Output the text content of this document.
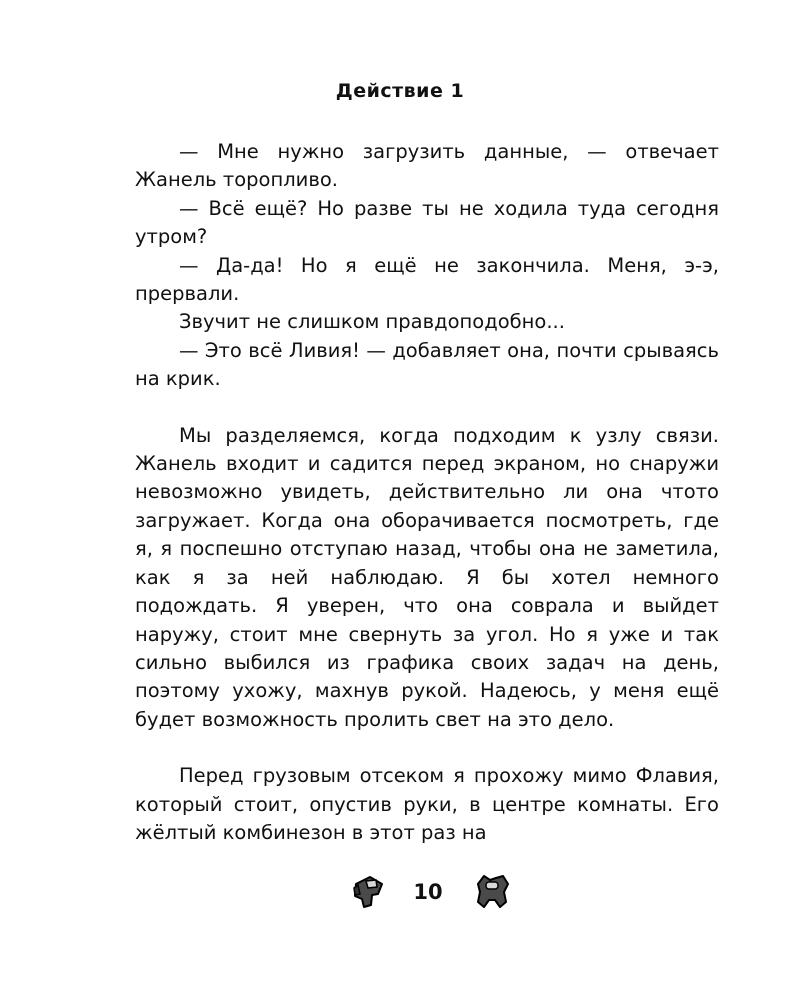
Действие 1

— Мне нужно загрузить данные, — отвечает Жанель торопливо.

— Всё ещё? Но разве ты не ходила туда сегодня утром?

— Да-да! Но я ещё не закончила. Меня, э-э, прервали.

Звучит не слишком правдоподобно...

— Это всё Ливия! — добавляет она, почти срываясь на крик.

Мы разделяемся, когда подходим к узлу связи. Жанель входит и садится перед экраном, но снаружи невозможно увидеть, действительно ли она чтото загружает. Когда она оборачивается посмотреть, где я, я поспешно отступаю назад, чтобы она не заметила, как я за ней наблюдаю. Я бы хотел немного подождать. Я уверен, что она соврала и выйдет наружу, стоит мне свернуть за угол. Но я уже и так сильно выбился из графика своих задач на день, поэтому ухожу, махнув рукой. Надеюсь, у меня ещё будет возможность пролить свет на это дело.

Перед грузовым отсеком я прохожу мимо Флавия, который стоит, опустив руки, в центре комнаты. Его жёлтый комбинезон в этот раз на

10
